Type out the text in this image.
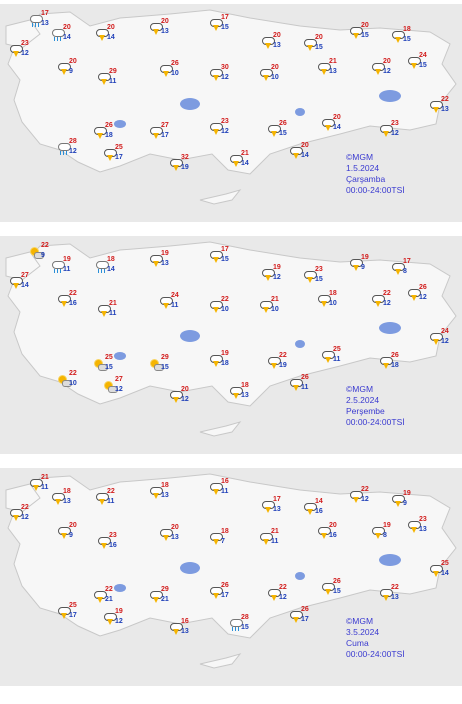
17
13
20
14
20
14
20
13
17
15
20
13
20
15
20
15
18
15
23
12
20
9	29
11
26
10
30
12
20
10
21
13
20
12
24
15
22
13
23
12
20
14
26
15
23
12
27
17
26
18
28
12
25
17	32
19
21
14
20
14	©MGM
1.5.2024
Çarşamba
00:00-24:00TSİ
22
9
19
11
18
14
19
13
17
15
19
12
23
15
19
9
17
8
27
14
22
16	21
11
24
11
22
10
21
10
18
10
22
12
26
12
24
12
26
18
25
11
22
19
19
18
29
15
25
15
22
10
27
12	20
12
18
13
26
11	©MGM
2.5.2024
Perşembe
00:00-24:00TSİ
21
11
18
13
22
11
18
13
16
11
17
13
14
16
22
12
19
9
22
12
20
9	23
16
20
13
18
7
21
11
20
16
19
8
23
13
25
14
22
13
26
15
22
12
26
17
29
21
22
21
25
17
19
12	16
13
28
15
26
17	©MGM
3.5.2024
Cuma
00:00-24:00TSİ
